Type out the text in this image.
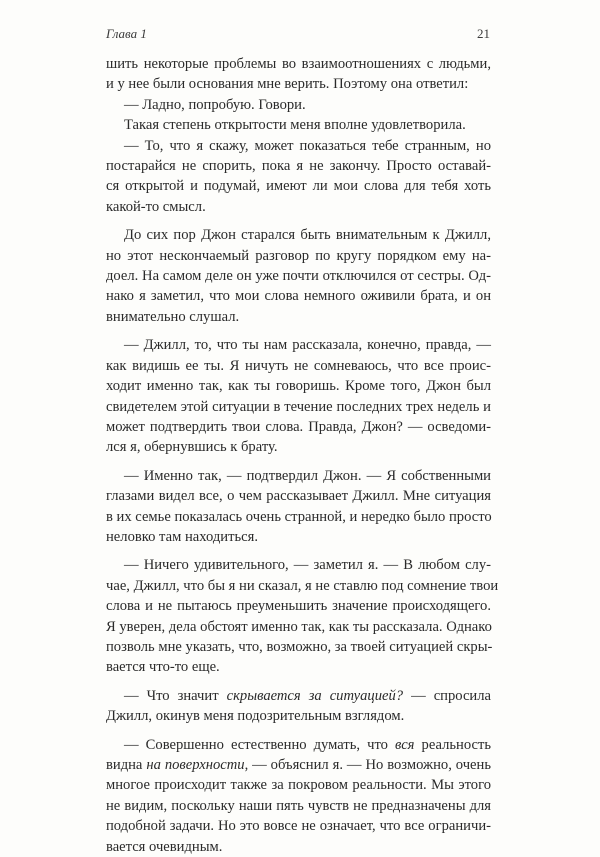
Глава 1	21
шить некоторые проблемы во взаимоотношениях с людьми,
и у нее были основания мне верить. Поэтому она ответил:
— Ладно, попробую. Говори.
Такая степень открытости меня вполне удовлетворила.
— То, что я скажу, может показаться тебе странным, но
постарайся не спорить, пока я не закончу. Просто оставай-
ся открытой и подумай, имеют ли мои слова для тебя хоть
какой-то смысл.
До сих пор Джон старался быть внимательным к Джилл,
но этот нескончаемый разговор по кругу порядком ему на-
доел. На самом деле он уже почти отключился от сестры. Од-
нако я заметил, что мои слова немного оживили брата, и он
внимательно слушал.
— Джилл, то, что ты нам рассказала, конечно, правда, —
как видишь ее ты. Я ничуть не сомневаюсь, что все проис-
ходит именно так, как ты говоришь. Кроме того, Джон был
свидетелем этой ситуации в течение последних трех недель и
может подтвердить твои слова. Правда, Джон? — осведоми-
лся я, обернувшись к брату.
— Именно так, — подтвердил Джон. — Я собственными
глазами видел все, о чем рассказывает Джилл. Мне ситуация
в их семье показалась очень странной, и нередко было просто
неловко там находиться.
— Ничего удивительного, — заметил я. — В любом слу-
чае, Джилл, что бы я ни сказал, я не ставлю под сомнение твои
слова и не пытаюсь преуменьшить значение происходящего.
Я уверен, дела обстоят именно так, как ты рассказала. Однако
позволь мне указать, что, возможно, за твоей ситуацией скры-
вается что-то еще.
— Что значит скрывается за ситуацией? — спросила
Джилл, окинув меня подозрительным взглядом.
— Совершенно естественно думать, что вся реальность
видна на поверхности, — объяснил я. — Но возможно, очень
многое происходит также за покровом реальности. Мы этого
не видим, поскольку наши пять чувств не предназначены для
подобной задачи. Но это вовсе не означает, что все ограничи-
вается очевидным.
